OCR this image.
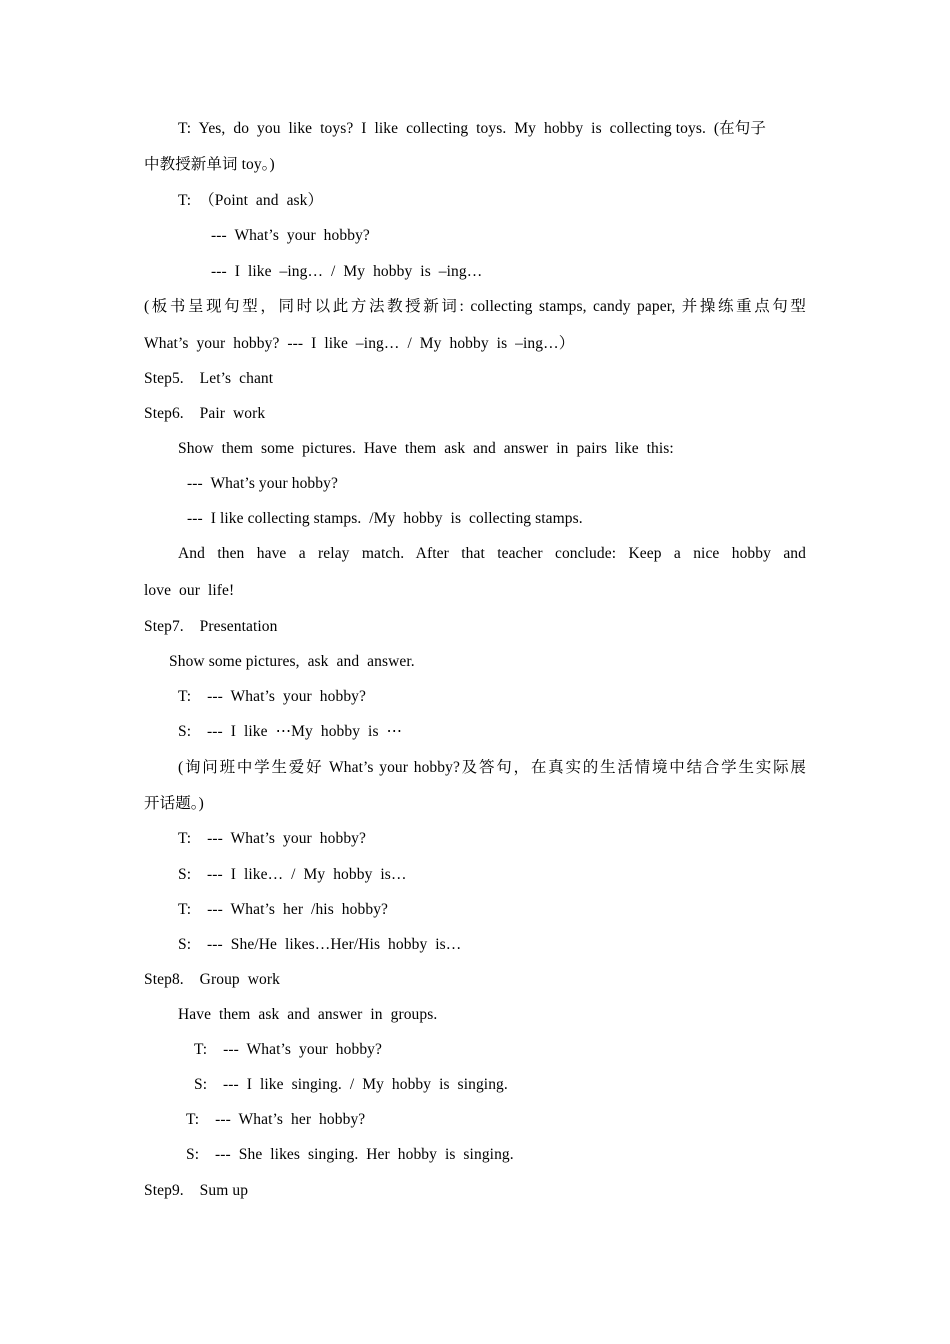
T:  Yes,  do  you  like  toys?  I  like  collecting  toys.  My  hobby  is  collecting toys.  (在句子
中教授新单词 toy。)
T:  （Point  and  ask）
---  What’s  your  hobby?
---  I  like  –ing…  /  My  hobby  is  –ing…
(板书呈现句型，同时以此方法教授新词: collecting stamps, candy paper, 并操练重点句型
What’s  your  hobby?  ---  I  like  –ing…  /  My  hobby  is  –ing…）
Step5.    Let’s  chant
Step6.    Pair  work
Show  them  some  pictures.  Have  them  ask  and  answer  in  pairs  like  this:
---  What’s your hobby?
---  I like collecting stamps.  /My  hobby  is  collecting stamps.
And then have a relay match. After that teacher conclude: Keep a nice hobby and
love  our  life!
Step7.    Presentation
Show some pictures,  ask  and  answer.
T:    ---  What’s  your  hobby?
S:    ---  I  like  ⋯My  hobby  is  ⋯
(询问班中学生爱好 What’s your hobby?及答句，在真实的生活情境中结合学生实际展
开话题。)
T:    ---  What’s  your  hobby?
S:    ---  I  like…  /  My  hobby  is…
T:    ---  What’s  her  /his  hobby?
S:    ---  She/He  likes…Her/His  hobby  is…
Step8.    Group  work
Have  them  ask  and  answer  in  groups.
T:    ---  What’s  your  hobby?
S:    ---  I  like  singing.  /  My  hobby  is  singing.
T:    ---  What’s  her  hobby?
S:    ---  She  likes  singing.  Her  hobby  is  singing.
Step9.    Sum up
